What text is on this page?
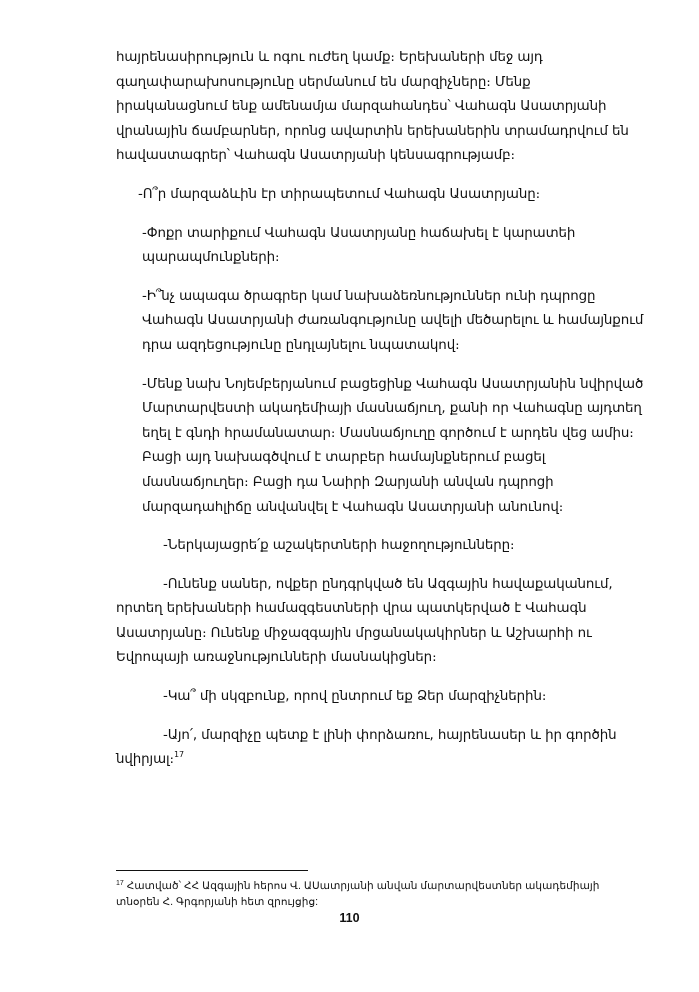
հայրենասիրություն և ոգու ուժեղ կամք։ Երեխաների մեջ այդ գաղափարախոսությունը սերմանում են մարզիչները։ Մենք իրականացնում ենք ամենամյա մարզահանդես՝ Վահագն Ասատրյանի վրանային ճամբարներ, որոնց ավարտին երեխաներին տրամադրվում են հավաստագրեր՝ Վահագն Ասատրյանի կենսագրությամբ։

-Ո՞ր մարզաձևին էր տիրապետում Վահագն Ասատրյանը։

-Փոքր տարիքում Վահագն Ասատրյանը հաճախել է կարատեի պարապմունքների։

-Ի՞նչ ապագա ծրագրեր կամ նախաձեռնություններ ունի դպրոցը Վահագն Ասատրյանի ժառանգությունը ավելի մեծարելու և համայնքում դրա ազդեցությունը ընդլայնելու նպատակով։

-Մենք նախ Նոյեմբերյանում բացեցինք Վահագն Ասատրյանին նվիրված Մարտարվեստի ակադեմիայի մասնաճյուղ, քանի որ Վահագնը այդտեղ եղել է գնդի հրամանատար։ Մասնաճյուղը գործում է արդեն վեց ամիս։ Բացի այդ նախագծվում է տարբեր համայնքներում բացել մասնաճյուղեր։ Բացի դա Նաիրի Զարյանի անվան դպրոցի մարզադահլիճը անվանվել է Վահագն Ասատրյանի անունով։

-Ներկայացրե՛ք աշակերտների հաջողությունները։

-Ունենք սաներ, ովքեր ընդգրկված են Ազգային հավաքականում, որտեղ երեխաների համազգեստների վրա պատկերված է Վահագն Ասատրյանը։ Ունենք միջազգային մրցանակակիրներ և Աշխարհի ու Եվրոպայի առաջնությունների մասնակիցներ։

-Կա՞ մի սկզբունք, որով ընտրում եք Ձեր մարզիչներին։

-Այո՛, մարզիչը պետք է լինի փորձառու, հայրենասեր և իր գործին նվիրյալ։$^{17}$

$^{17}$ Հատված՝ ՀՀ Ազգային հերոս Վ. ԱՍատրյանի անվան մարտարվեստներ ակադեմիայի տնօրեն Հ. Գրգորյանի հետ զրույցից:
110
